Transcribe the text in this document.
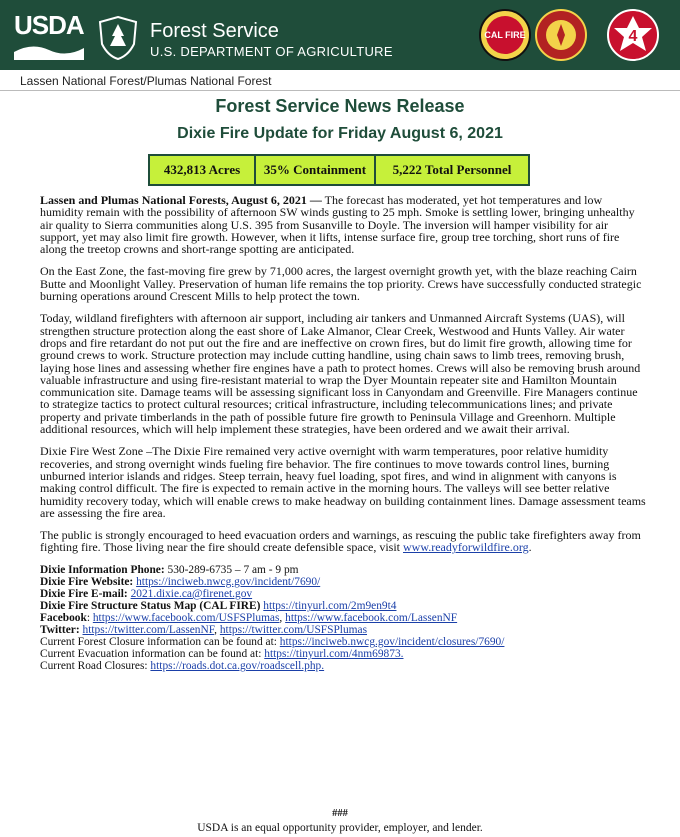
USDA	Forest Service
U.S. DEPARTMENT OF AGRICULTURE
CAL FIRE	4
Lassen National Forest/Plumas National Forest
Forest Service News Release
Dixie Fire Update for Friday August 6, 2021
432,813 Acres	35% Containment	5,222 Total Personnel

Lassen and Plumas National Forests, August 6, 2021 — The forecast has moderated, yet hot temperatures and low humidity remain with the possibility of afternoon SW winds gusting to 25 mph. Smoke is settling lower, bringing unhealthy air quality to Sierra communities along U.S. 395 from Susanville to Doyle. The inversion will hamper visibility for air support, yet may also limit fire growth. However, when it lifts, intense surface fire, group tree torching, short runs of fire along the treetop crowns and short-range spotting are anticipated.

On the East Zone, the fast-moving fire grew by 71,000 acres, the largest overnight growth yet, with the blaze reaching Cairn Butte and Moonlight Valley. Preservation of human life remains the top priority. Crews have successfully conducted strategic burning operations around Crescent Mills to help protect the town.

Today, wildland firefighters with afternoon air support, including air tankers and Unmanned Aircraft Systems (UAS), will strengthen structure protection along the east shore of Lake Almanor, Clear Creek, Westwood and Hunts Valley. Air water drops and fire retardant do not put out the fire and are ineffective on crown fires, but do limit fire growth, allowing time for ground crews to work. Structure protection may include cutting handline, using chain saws to limb trees, removing brush, laying hose lines and assessing whether fire engines have a path to protect homes. Crews will also be removing brush around valuable infrastructure and using fire-resistant material to wrap the Dyer Mountain repeater site and Hamilton Mountain communication site. Damage teams will be assessing significant loss in Canyondam and Greenville. Fire Managers continue to strategize tactics to protect cultural resources; critical infrastructure, including telecommunications lines; and private property and private timberlands in the path of possible future fire growth to Peninsula Village and Greenhorn. Multiple additional resources, which will help implement these strategies, have been ordered and we await their arrival.

Dixie Fire West Zone –The Dixie Fire remained very active overnight with warm temperatures, poor relative humidity recoveries, and strong overnight winds fueling fire behavior. The fire continues to move towards control lines, burning unburned interior islands and ridges. Steep terrain, heavy fuel loading, spot fires, and wind in alignment with canyons is making control difficult. The fire is expected to remain active in the morning hours. The valleys will see better relative humidity recovery today, which will enable crews to make headway on building containment lines. Damage assessment teams are assessing the fire area.

The public is strongly encouraged to heed evacuation orders and warnings, as rescuing the public take firefighters away from fighting fire. Those living near the fire should create defensible space, visit www.readyforwildfire.org.

Dixie Information Phone: 530-289-6735 – 7 am - 9 pm
Dixie Fire Website: https://inciweb.nwcg.gov/incident/7690/
Dixie Fire E-mail: 2021.dixie.ca@firenet.gov
Dixie Fire Structure Status Map (CAL FIRE) https://tinyurl.com/2m9en9t4
Facebook: https://www.facebook.com/USFSPlumas, https://www.facebook.com/LassenNF
Twitter: https://twitter.com/LassenNF, https://twitter.com/USFSPlumas
Current Forest Closure information can be found at: https://inciweb.nwcg.gov/incident/closures/7690/
Current Evacuation information can be found at: https://tinyurl.com/4nm69873.
Current Road Closures: https://roads.dot.ca.gov/roadscell.php.
###
USDA is an equal opportunity provider, employer, and lender.
